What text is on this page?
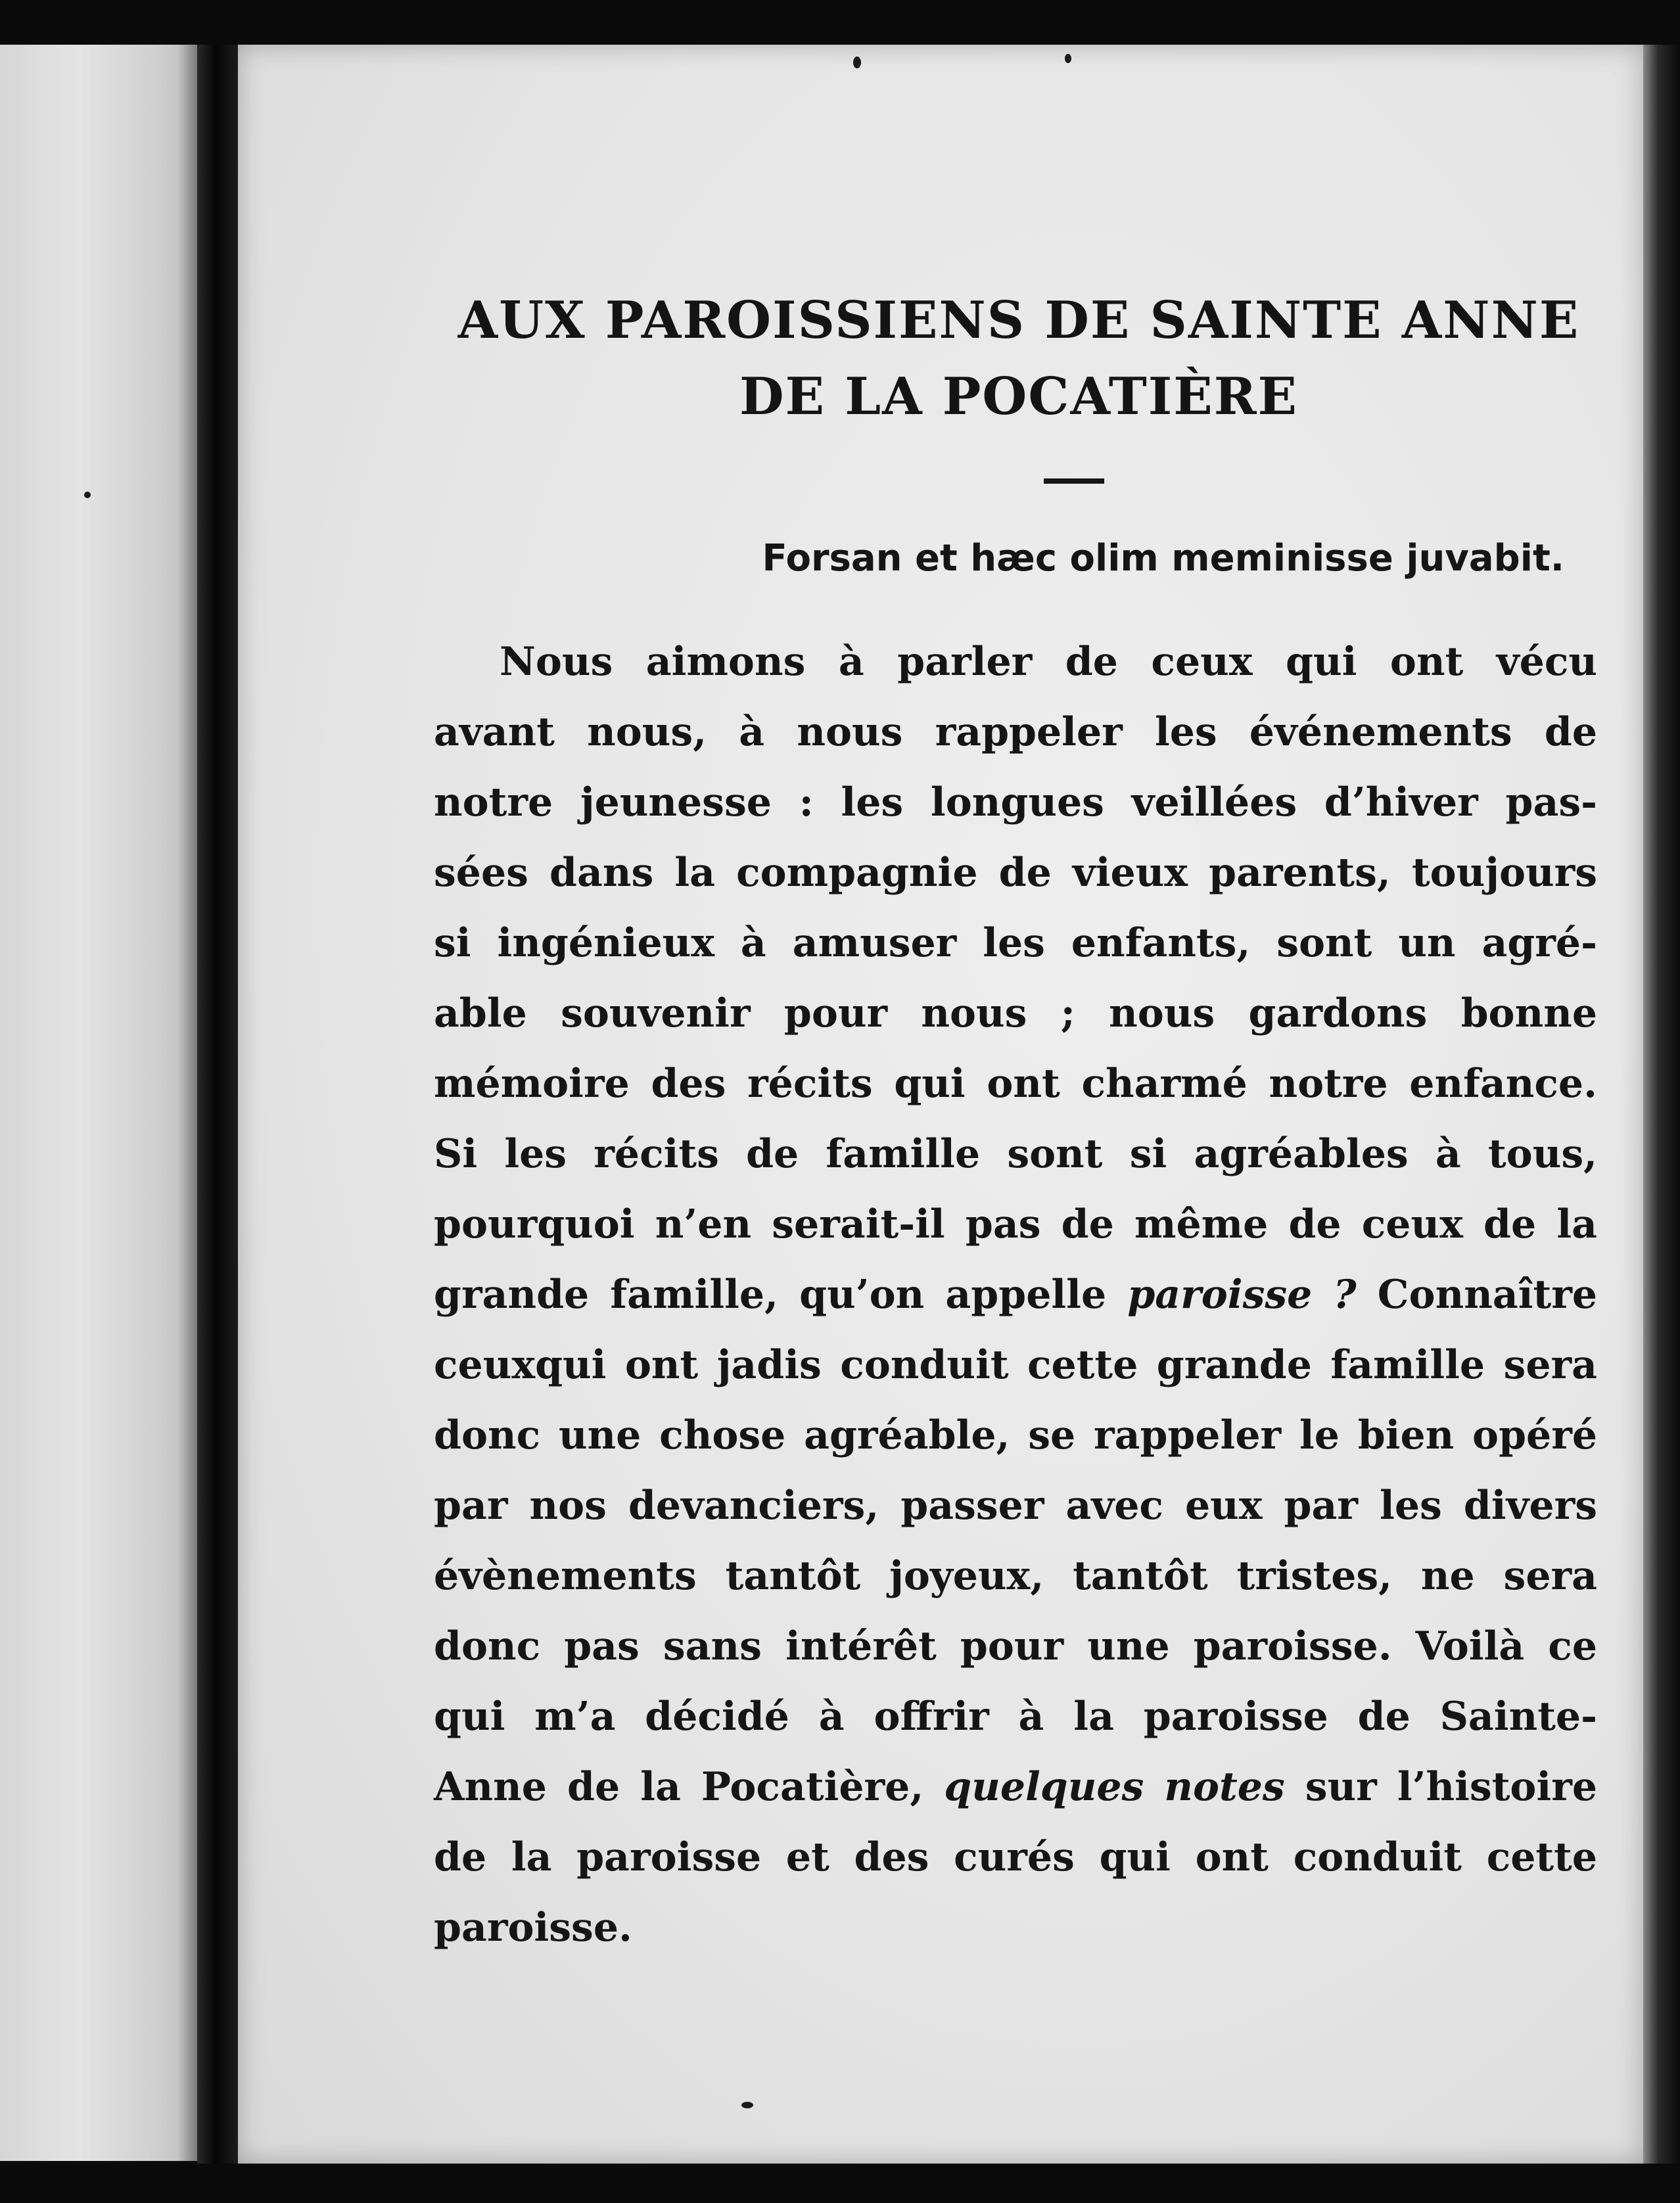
AUX PAROISSIENS DE SAINTE ANNE
DE LA POCATIÈRE

Forsan et hæc olim meminisse juvabit.

Nous aimons à parler de ceux qui ont vécu
avant nous, à nous rappeler les événements de
notre jeunesse : les longues veillées d’hiver pas-
sées dans la compagnie de vieux parents, toujours
si ingénieux à amuser les enfants, sont un agré-
able souvenir pour nous ; nous gardons bonne
mémoire des récits qui ont charmé notre enfance.
Si les récits de famille sont si agréables à tous,
pourquoi n’en serait-il pas de même de ceux de la
grande famille, qu’on appelle paroisse ? Connaître
ceuxqui ont jadis conduit cette grande famille sera
donc une chose agréable, se rappeler le bien opéré
par nos devanciers, passer avec eux par les divers
évènements tantôt joyeux, tantôt tristes, ne sera
donc pas sans intérêt pour une paroisse. Voilà ce
qui m’a décidé à offrir à la paroisse de Sainte-
Anne de la Pocatière, quelques notes sur l’histoire
de la paroisse et des curés qui ont conduit cette
paroisse.
